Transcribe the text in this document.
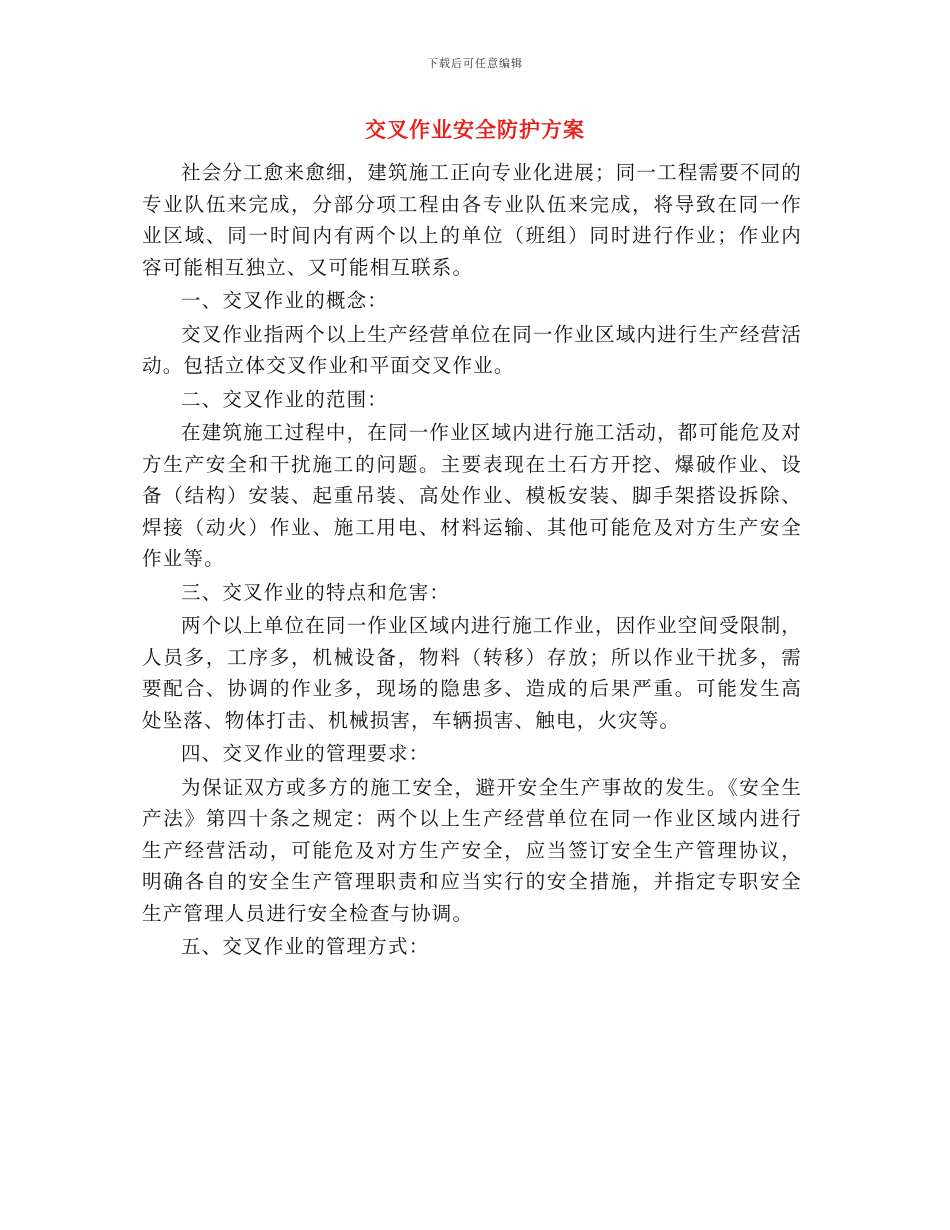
下载后可任意编辑
交叉作业安全防护方案

社会分工愈来愈细，建筑施工正向专业化进展；同一工程需要不同的专业队伍来完成，分部分项工程由各专业队伍来完成，将导致在同一作业区域、同一时间内有两个以上的单位（班组）同时进行作业；作业内容可能相互独立、又可能相互联系。

一、交叉作业的概念：

交叉作业指两个以上生产经营单位在同一作业区域内进行生产经营活动。包括立体交叉作业和平面交叉作业。

二、交叉作业的范围：

在建筑施工过程中，在同一作业区域内进行施工活动，都可能危及对方生产安全和干扰施工的问题。主要表现在土石方开挖、爆破作业、设备（结构）安装、起重吊装、高处作业、模板安装、脚手架搭设拆除、焊接（动火）作业、施工用电、材料运输、其他可能危及对方生产安全作业等。

三、交叉作业的特点和危害：

两个以上单位在同一作业区域内进行施工作业，因作业空间受限制，人员多，工序多，机械设备，物料（转移）存放；所以作业干扰多，需要配合、协调的作业多，现场的隐患多、造成的后果严重。可能发生高处坠落、物体打击、机械损害，车辆损害、触电，火灾等。

四、交叉作业的管理要求：

为保证双方或多方的施工安全，避开安全生产事故的发生。《安全生产法》第四十条之规定：两个以上生产经营单位在同一作业区域内进行生产经营活动，可能危及对方生产安全，应当签订安全生产管理协议，明确各自的安全生产管理职责和应当实行的安全措施，并指定专职安全生产管理人员进行安全检查与协调。

五、交叉作业的管理方式：
